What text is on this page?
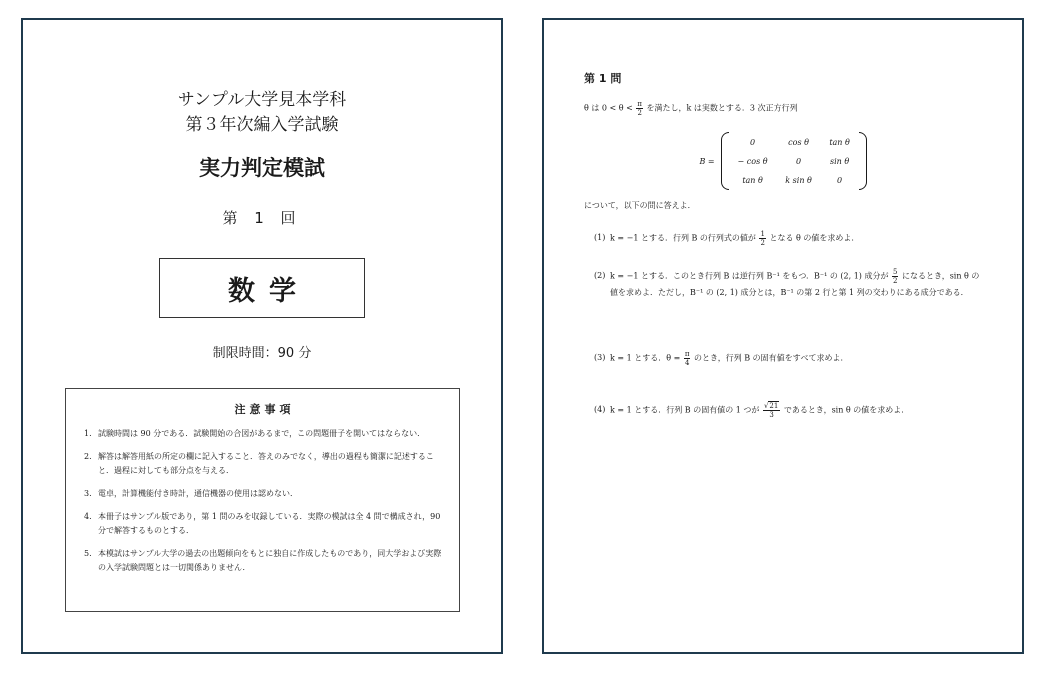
サンプル大学見本学科
第３年次編入学試験
実力判定模試
第 1 回
数学
制限時間：90 分
注意事項
1. 試験時間は 90 分である．試験開始の合図があるまで，この問題冊子を開いてはならない．
2. 解答は解答用紙の所定の欄に記入すること．答えのみでなく，導出の過程も簡潔に記述すること．過程に対しても部分点を与える．
3. 電卓，計算機能付き時計，通信機器の使用は認めない．
4. 本冊子はサンプル版であり，第 1 問のみを収録している．実際の模試は全 4 問で構成され，90 分で解答するものとする．
5. 本模試はサンプル大学の過去の出題傾向をもとに独自に作成したものであり，同大学および実際の入学試験問題とは一切関係ありません．
第 1 問
θ は $0 < \theta < \frac{\pi}{2}$ を満たし，k は実数とする．3 次正方行列
B =
0	cos θ	tan θ
− cos θ	0	sin θ
tan θ	k sin θ	0
について，以下の問に答えよ．
(1) k = −1 とする．行列 B の行列式の値が $\frac{1}{2}$ となる θ の値を求めよ．
(2) k = −1 とする．このとき行列 B は逆行列 B⁻¹ をもつ．B⁻¹ の (2, 1) 成分が $\frac{5}{2}$ になるとき，sin θ の値を求めよ．ただし，B⁻¹ の (2, 1) 成分とは，B⁻¹ の第 2 行と第 1 列の交わりにある成分である．
(3) k = 1 とする．$\theta = \frac{\pi}{4}$ のとき，行列 B の固有値をすべて求めよ．
(4) k = 1 とする．行列 B の固有値の 1 つが $\frac{√21}{3}$ であるとき，sin θ の値を求めよ．
